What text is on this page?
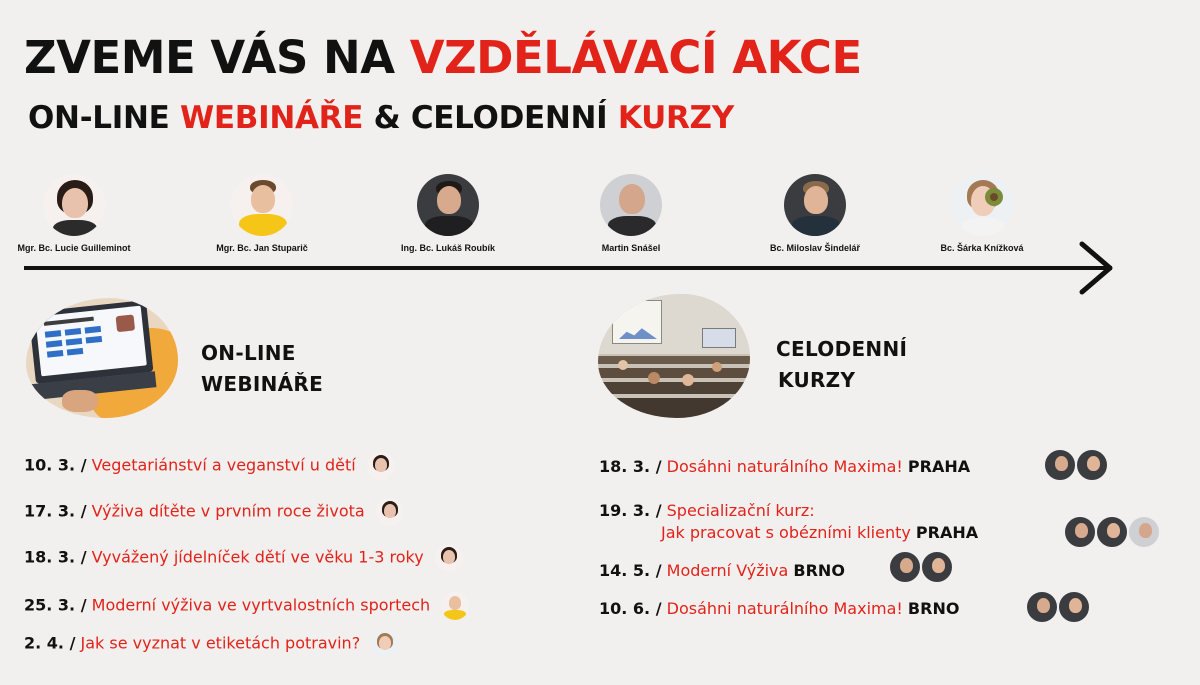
ZVEME VÁS NA VZDĚLÁVACÍ AKCE
ON-LINE WEBINÁŘE & CELODENNÍ KURZY
Mgr. Bc. Lucie Guilleminot	Mgr. Bc. Jan Stuparič	Ing. Bc. Lukáš Roubík	Martin Snášel	Bc. Miloslav Šindelář	Bc. Šárka Knížková
ON-LINE
WEBINÁŘE
CELODENNÍ
KURZY
10. 3. / Vegetariánství a veganství u dětí
17. 3. / Výživa dítěte v prvním roce života
18. 3. / Vyvážený jídelníček dětí ve věku 1-3 roky
25. 3. / Moderní výživa ve vyrtvalostních sportech
2. 4. / Jak se vyznat v etiketách potravin?
18. 3. / Dosáhni naturálního Maxima! PRAHA
19. 3. / Specializační kurz:
Jak pracovat s obézními klienty PRAHA
14. 5. / Moderní Výživa BRNO
10. 6. / Dosáhni naturálního Maxima! BRNO
